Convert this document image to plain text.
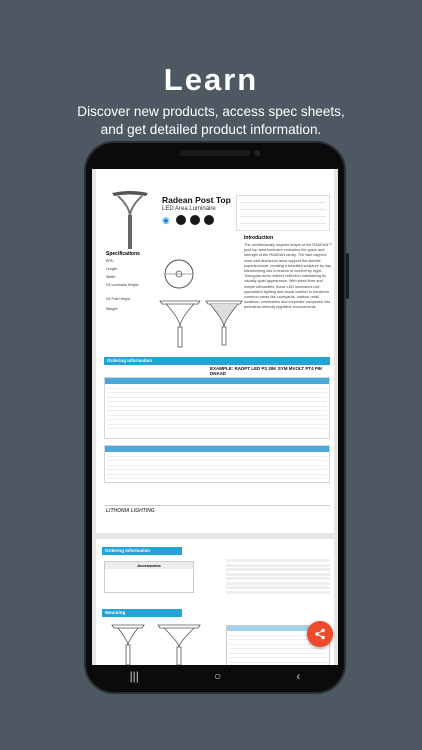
Learn
Discover new products, access spec sheets,
and get detailed product information.
Radean Post Top
LED Area Luminaire
◉
Introduction
The architecturally inspired shape of the RADEAN™ post top area luminaire embodies the grace and strength of the RADEAN family. The twin capped-cone cast aluminum arms support the slender superstructure, creating a beautiful sculpture by day transforming into a beacon of comfort by night. Triangular arms redirect reflection maintaining its visually quiet appearance. With sleek lines and simple silhouettes, these LED luminaires use specialized lighting and visual comfort to transform common areas like courtyards, outdoor retail locations, universities and corporate campuses into pedestrian-friendly nighttime environments.
Specifications
EPA:
Length:
Width:
H1 Luminaire Height:
H2 Pole Height:
Weight:
Ordering Information
EXAMPLE: RADPT LED P3 30K SYM MVOLT PT4 PIK DNAXD
LITHONIA LIGHTING
Ordering Information
Accessories
Mounting
|||	○	‹
